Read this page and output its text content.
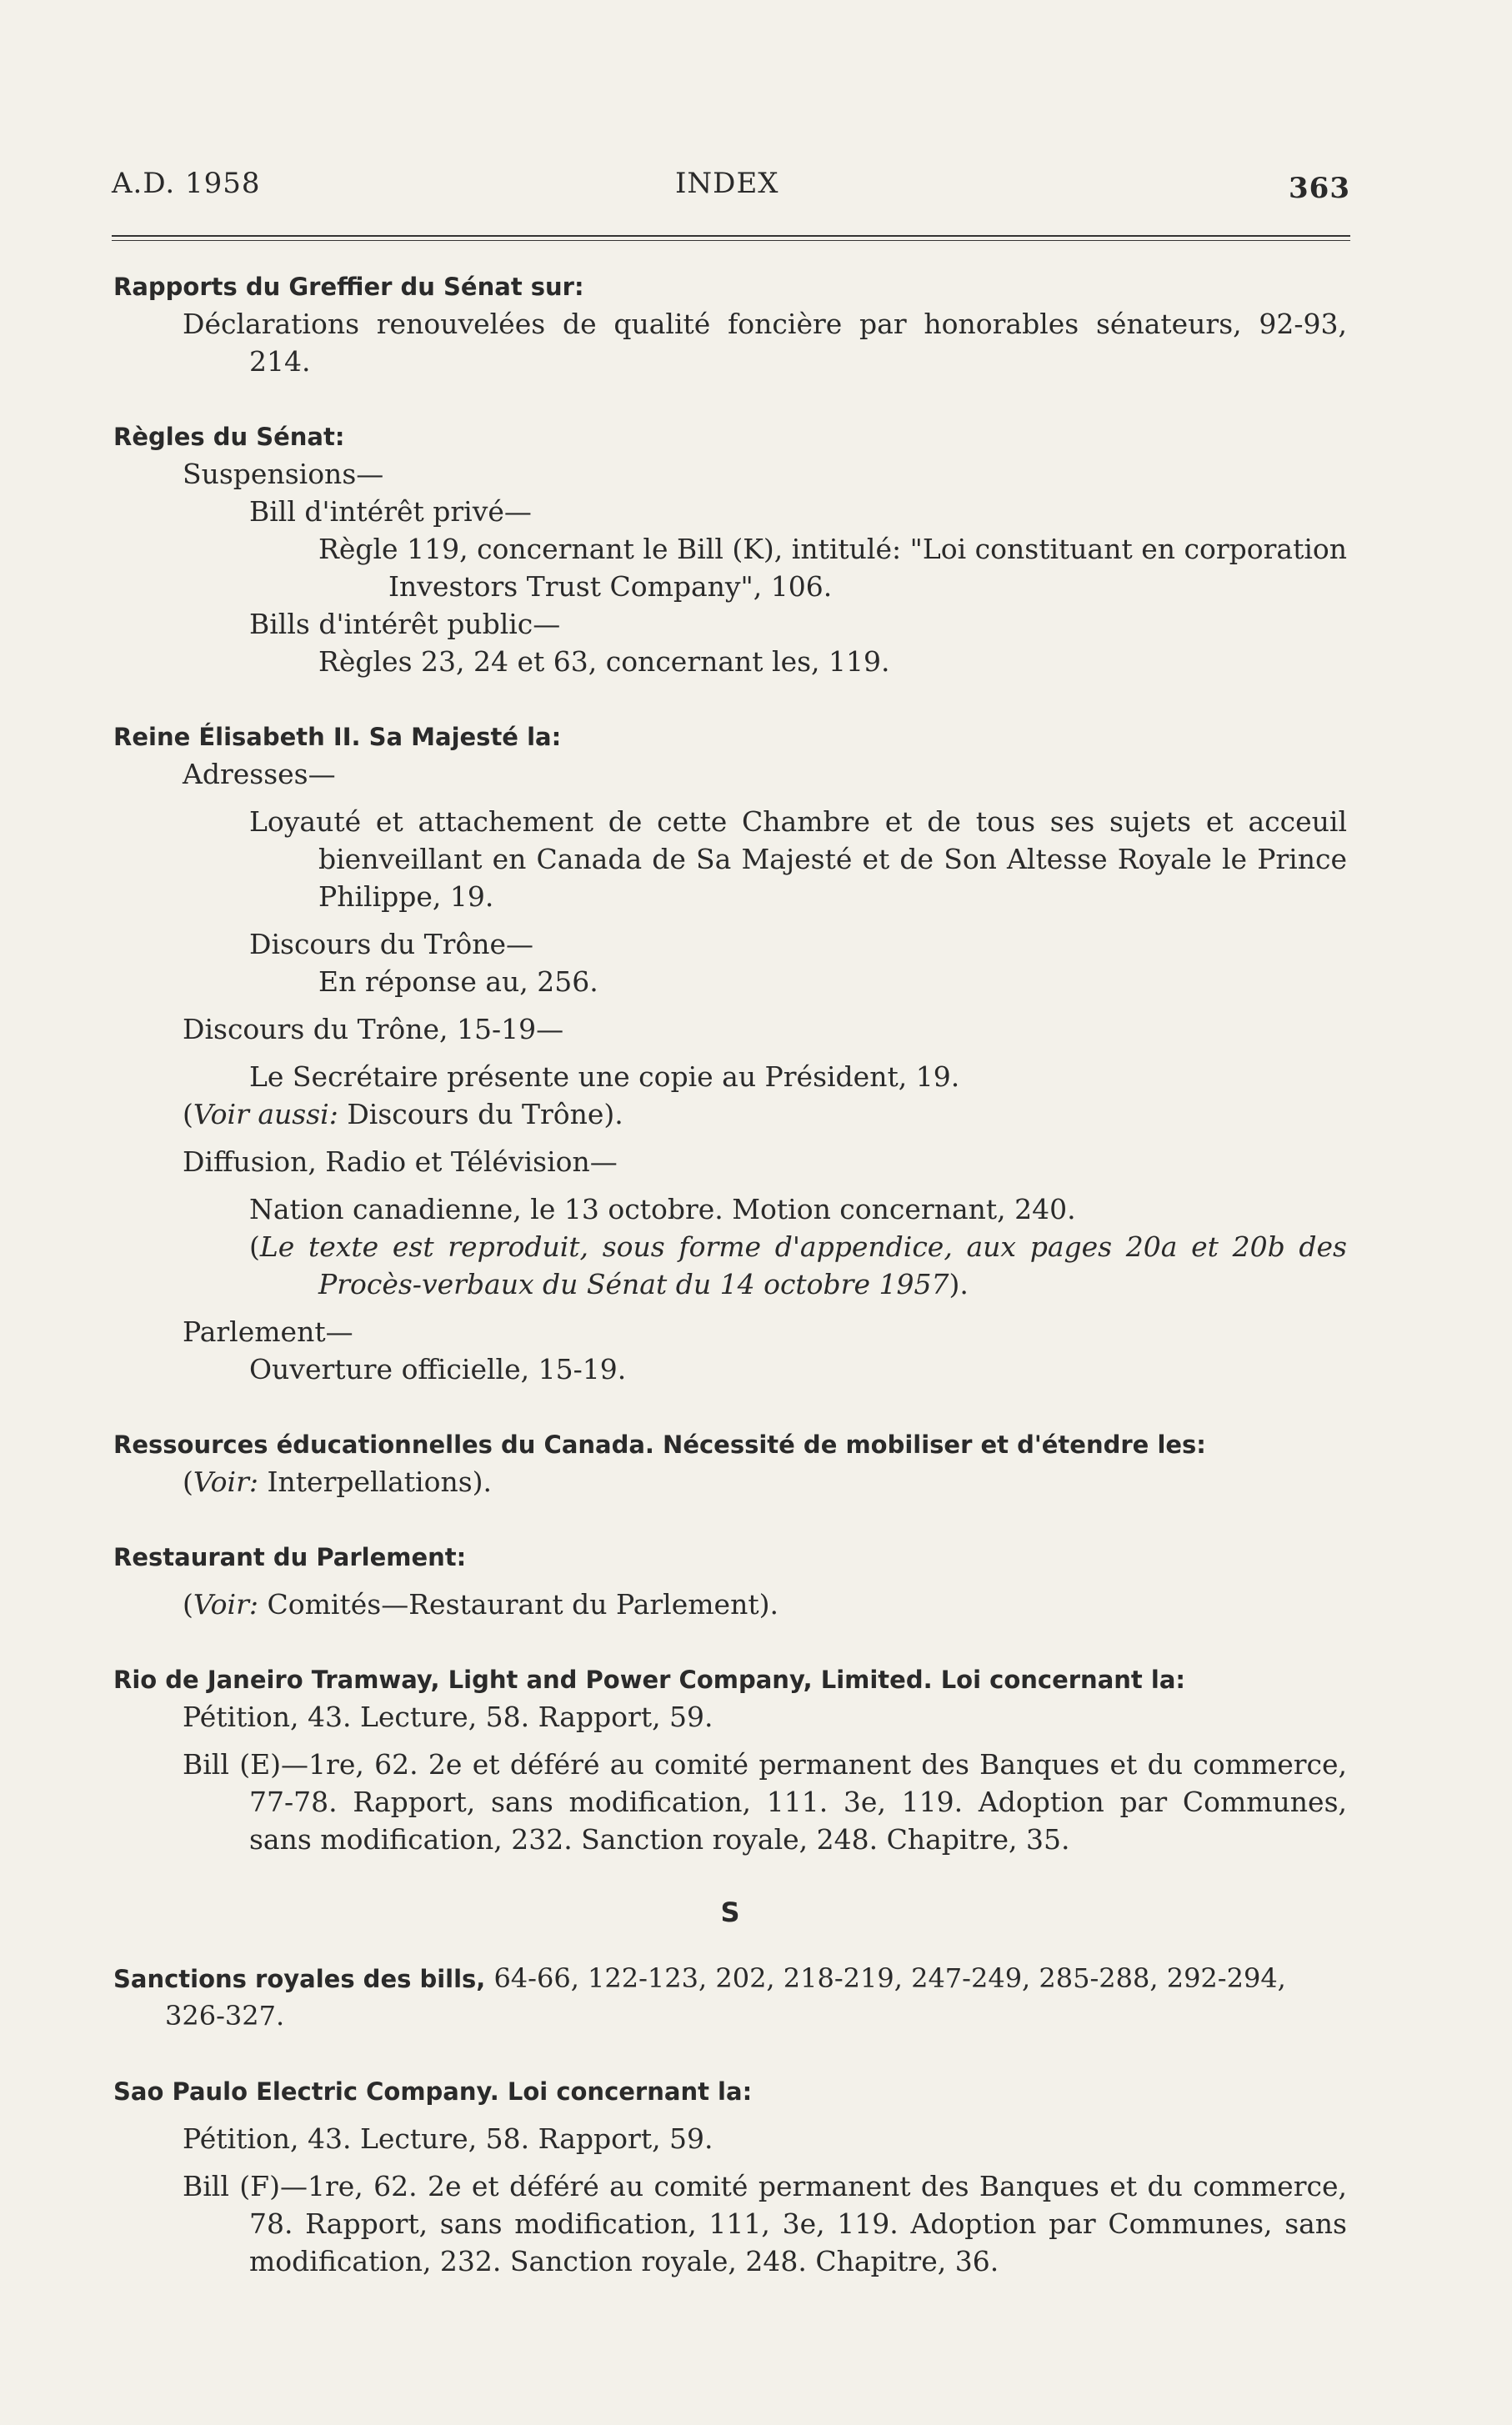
A.D. 1958	INDEX	363
Rapports du Greffier du Sénat sur:
Déclarations renouvelées de qualité foncière par honorables sénateurs, 92-93, 214.
Règles du Sénat:
Suspensions—
Bill d'intérêt privé—
Règle 119, concernant le Bill (K), intitulé: "Loi constituant en corporation Investors Trust Company", 106.
Bills d'intérêt public—
Règles 23, 24 et 63, concernant les, 119.
Reine Élisabeth II. Sa Majesté la:
Adresses—
Loyauté et attachement de cette Chambre et de tous ses sujets et acceuil bienveillant en Canada de Sa Majesté et de Son Altesse Royale le Prince Philippe, 19.
Discours du Trône—
En réponse au, 256.
Discours du Trône, 15-19—
Le Secrétaire présente une copie au Président, 19.
(Voir aussi: Discours du Trône).
Diffusion, Radio et Télévision—
Nation canadienne, le 13 octobre. Motion concernant, 240.
(Le texte est reproduit, sous forme d'appendice, aux pages 20a et 20b des Procès-verbaux du Sénat du 14 octobre 1957).
Parlement—
Ouverture officielle, 15-19.
Ressources éducationnelles du Canada. Nécessité de mobiliser et d'étendre les:
(Voir: Interpellations).
Restaurant du Parlement:
(Voir: Comités—Restaurant du Parlement).
Rio de Janeiro Tramway, Light and Power Company, Limited. Loi concernant la:
Pétition, 43. Lecture, 58. Rapport, 59.
Bill (E)—1re, 62. 2e et déféré au comité permanent des Banques et du commerce, 77-78. Rapport, sans modification, 111. 3e, 119. Adoption par Communes, sans modification, 232. Sanction royale, 248. Chapitre, 35.
S
Sanctions royales des bills, 64-66, 122-123, 202, 218-219, 247-249, 285-288, 292-294, 326-327.
Sao Paulo Electric Company. Loi concernant la:
Pétition, 43. Lecture, 58. Rapport, 59.
Bill (F)—1re, 62. 2e et déféré au comité permanent des Banques et du commerce, 78. Rapport, sans modification, 111, 3e, 119. Adoption par Communes, sans modification, 232. Sanction royale, 248. Chapitre, 36.
